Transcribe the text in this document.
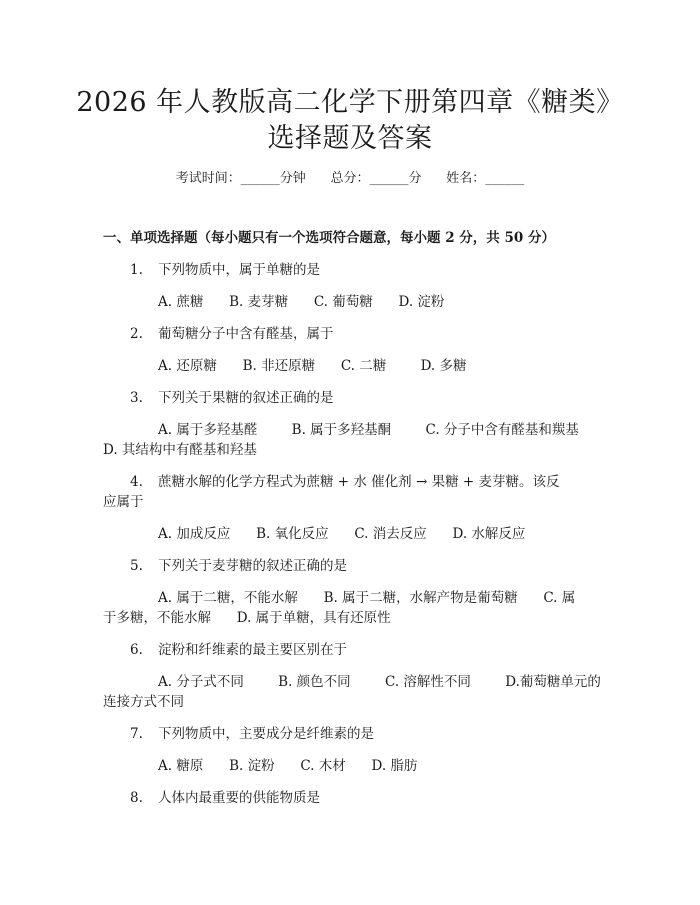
2026 年人教版高二化学下册第四章《糖类》
选择题及答案
考试时间：______分钟      总分：______分      姓名：______
一、单项选择题（每小题只有一个选项符合题意，每小题 2 分，共 50 分）
1. 下列物质中，属于单糖的是
A. 蔗糖      B. 麦芽糖      C. 葡萄糖      D. 淀粉
2. 葡萄糖分子中含有醛基，属于
A. 还原糖      B. 非还原糖      C. 二糖        D. 多糖
3. 下列关于果糖的叙述正确的是
A. 属于多羟基醛        B. 属于多羟基酮        C. 分子中含有醛基和羰基
D. 其结构中有醛基和羟基
4. 蔗糖水解的化学方程式为蔗糖 + 水 催化剂 → 果糖 + 麦芽糖。该反
应属于
A. 加成反应      B. 氧化反应      C. 消去反应      D. 水解反应
5. 下列关于麦芽糖的叙述正确的是
A. 属于二糖，不能水解      B. 属于二糖，水解产物是葡萄糖      C. 属
于多糖，不能水解      D. 属于单糖，具有还原性
6. 淀粉和纤维素的最主要区别在于
A. 分子式不同        B. 颜色不同        C. 溶解性不同        D.葡萄糖单元的
连接方式不同
7. 下列物质中，主要成分是纤维素的是
A. 糖原      B. 淀粉      C. 木材      D. 脂肪
8. 人体内最重要的供能物质是
